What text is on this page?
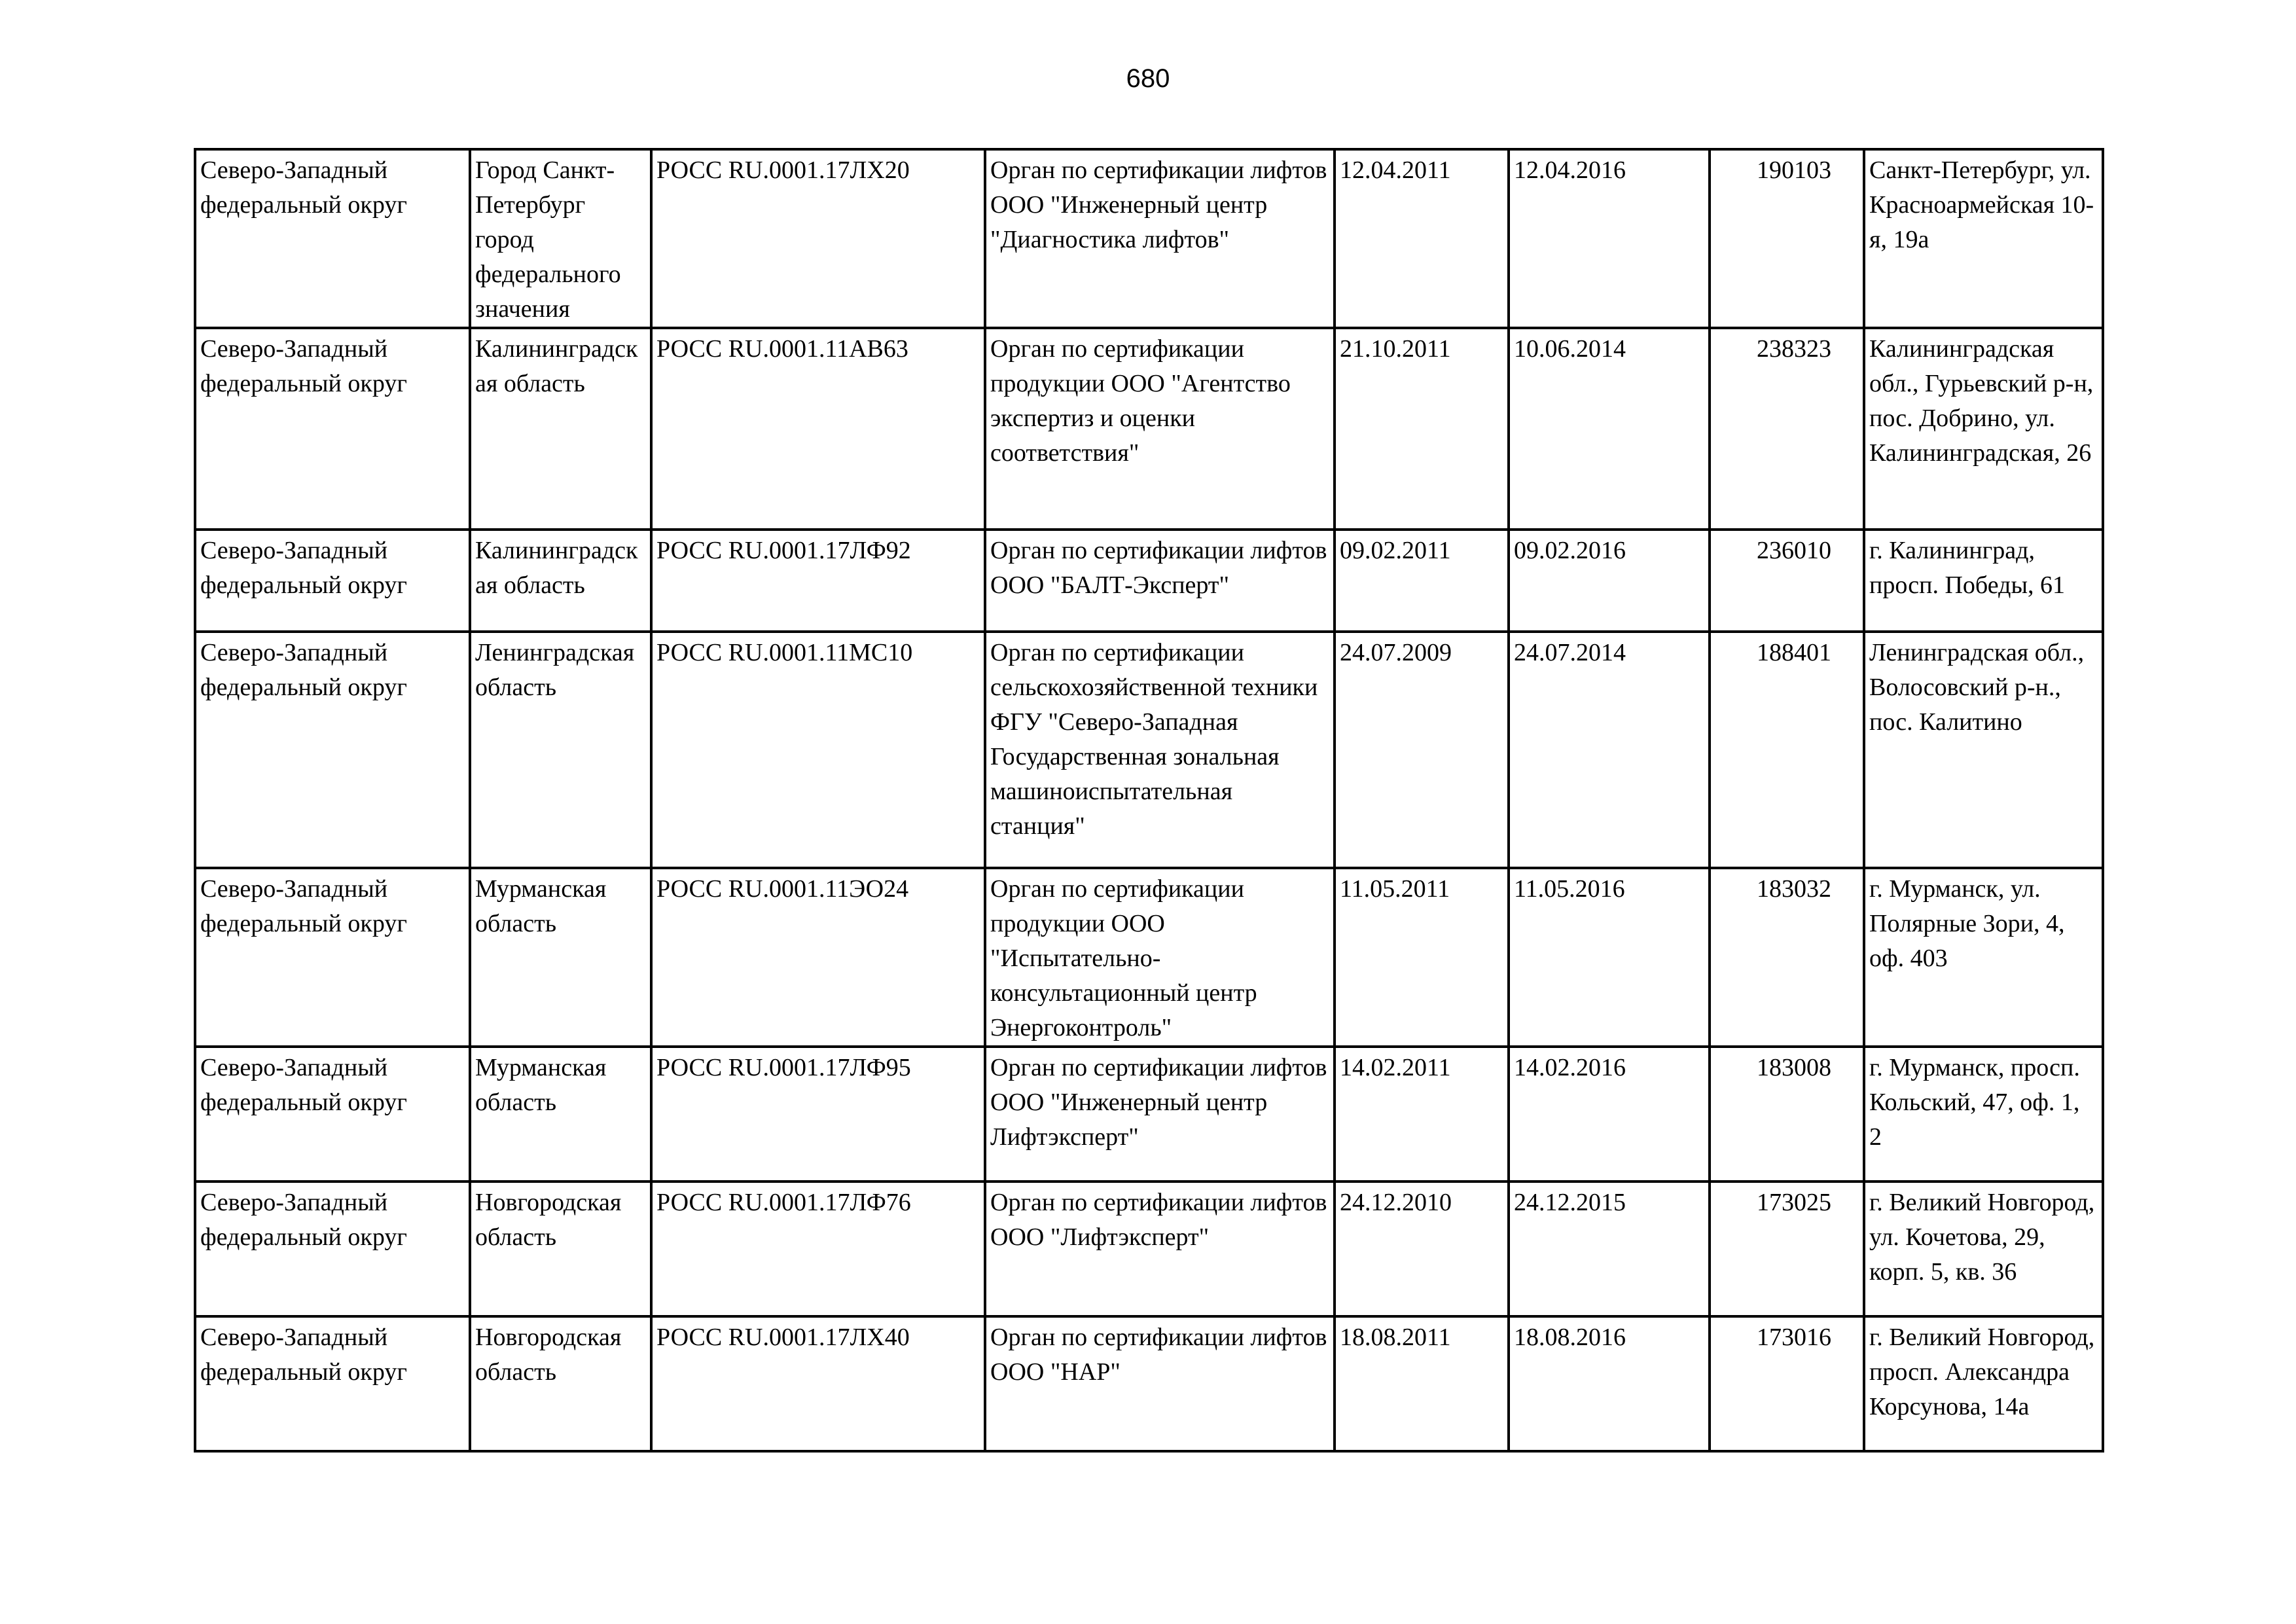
680
Северо-Западный федеральный округ	Город Санкт-Петербург город федерального значения	РОСС RU.0001.17ЛХ20	Орган по сертификации лифтов ООО "Инженерный центр "Диагностика лифтов"	12.04.2011	12.04.2016	190103	Санкт-Петербург, ул. Красноармейская 10-я, 19а

Северо-Западный федеральный округ	Калининградская область	РОСС RU.0001.11АВ63	Орган по сертификации продукции ООО "Агентство экспертиз и оценки соответствия"	21.10.2011	10.06.2014	238323	Калининградская обл., Гурьевский р-н, пос. Добрино, ул. Калининградская, 26

Северо-Западный федеральный округ	Калининградская область	РОСС RU.0001.17ЛФ92	Орган по сертификации лифтов ООО "БАЛТ-Эксперт"	09.02.2011	09.02.2016	236010	г. Калининград, просп. Победы, 61

Северо-Западный федеральный округ	Ленинградская область	РОСС RU.0001.11МС10	Орган по сертификации сельскохозяйственной техники ФГУ "Северо-Западная Государственная зональная машиноиспытательная станция"	24.07.2009	24.07.2014	188401	Ленинградская обл., Волосовский р-н., пос. Калитино

Северо-Западный федеральный округ	Мурманская область	РОСС RU.0001.11ЭО24	Орган по сертификации продукции ООО "Испытательно-консультационный центр Энергоконтроль"	11.05.2011	11.05.2016	183032	г. Мурманск, ул. Полярные Зори, 4, оф. 403

Северо-Западный федеральный округ	Мурманская область	РОСС RU.0001.17ЛФ95	Орган по сертификации лифтов ООО "Инженерный центр Лифтэксперт"	14.02.2011	14.02.2016	183008	г. Мурманск, просп. Кольский, 47, оф. 1, 2

Северо-Западный федеральный округ	Новгородская область	РОСС RU.0001.17ЛФ76	Орган по сертификации лифтов ООО "Лифтэксперт"	24.12.2010	24.12.2015	173025	г. Великий Новгород, ул. Кочетова, 29, корп. 5, кв. 36

Северо-Западный федеральный округ	Новгородская область	РОСС RU.0001.17ЛХ40	Орган по сертификации лифтов ООО "НАР"	18.08.2011	18.08.2016	173016	г. Великий Новгород, просп. Александра Корсунова, 14а
